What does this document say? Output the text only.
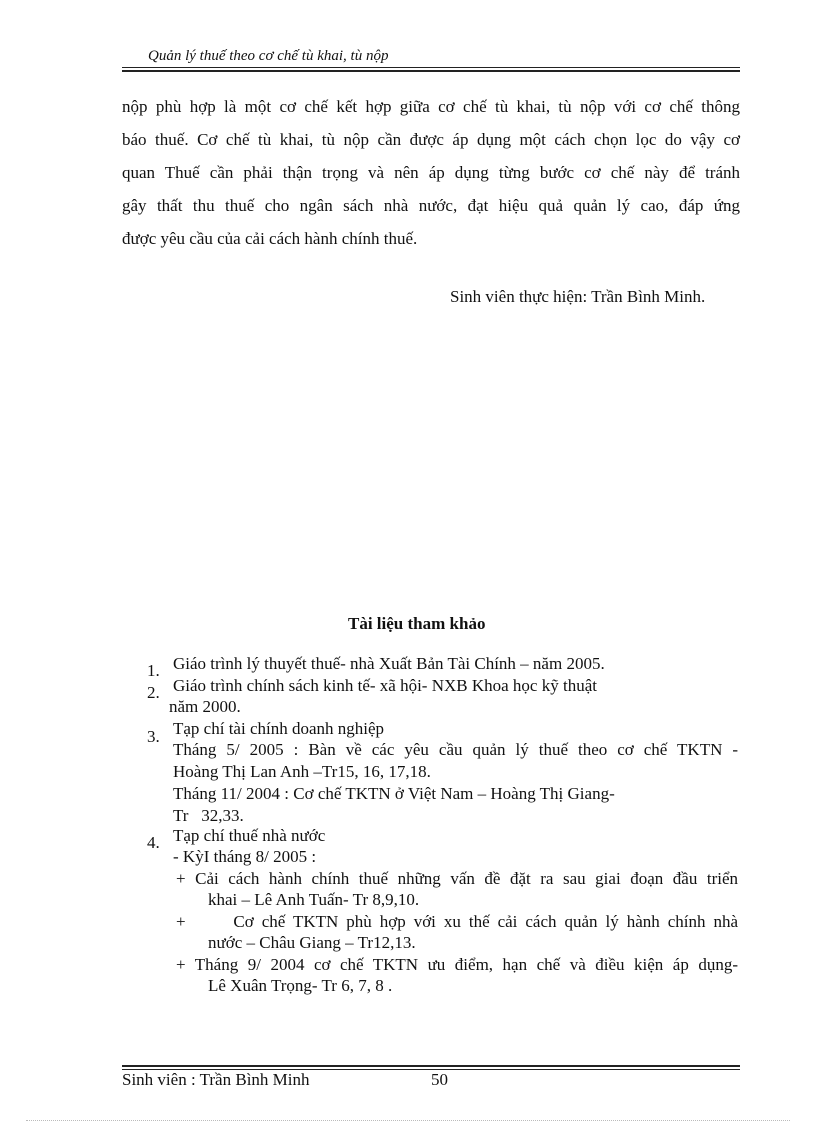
Quản lý thuế theo cơ chế tù khai, tù nộp
nộp phù hợp là một cơ chế kết hợp giữa cơ chế tù khai, tù nộp với cơ chế thông
báo thuế. Cơ chế tù khai, tù nộp cần được áp dụng một cách chọn lọc do vậy cơ
quan Thuế cần phải thận trọng và nên áp dụng từng bước cơ chế này để tránh
gây thất thu thuế cho ngân sách nhà nước, đạt hiệu quả quản lý cao, đáp ứng
được yêu cầu của cải cách hành chính thuế.
Sinh viên thực hiện: Trần Bình Minh.
Tài liệu tham khảo
1.
2.
3.
4.
Giáo trình lý thuyết thuế- nhà Xuất Bản Tài Chính – năm 2005.
Giáo trình chính sách kinh tế- xã hội- NXB Khoa học kỹ thuật
năm 2000.
Tạp chí tài chính doanh nghiệp
Tháng 5/ 2005 : Bàn về các yêu cầu quản lý thuế theo cơ chế TKTN -
Hoàng Thị Lan Anh –Tr15, 16, 17,18.
Tháng 11/ 2004 : Cơ chế TKTN ở Việt Nam – Hoàng Thị Giang-
Tr   32,33.
Tạp chí thuế nhà nước
- KỳI tháng 8/ 2005 :
+ Cải cách hành chính thuế những vấn đề đặt ra sau giai đoạn đầu triển
khai – Lê Anh Tuấn- Tr 8,9,10.
+      Cơ chế TKTN phù hợp với xu thế cải cách quản lý hành chính nhà
nước – Châu Giang – Tr12,13.
+ Tháng 9/ 2004 cơ chế TKTN ưu điểm, hạn chế và điều kiện áp dụng-
Lê Xuân Trọng- Tr 6, 7, 8 .
Sinh viên : Trần Bình Minh	50
